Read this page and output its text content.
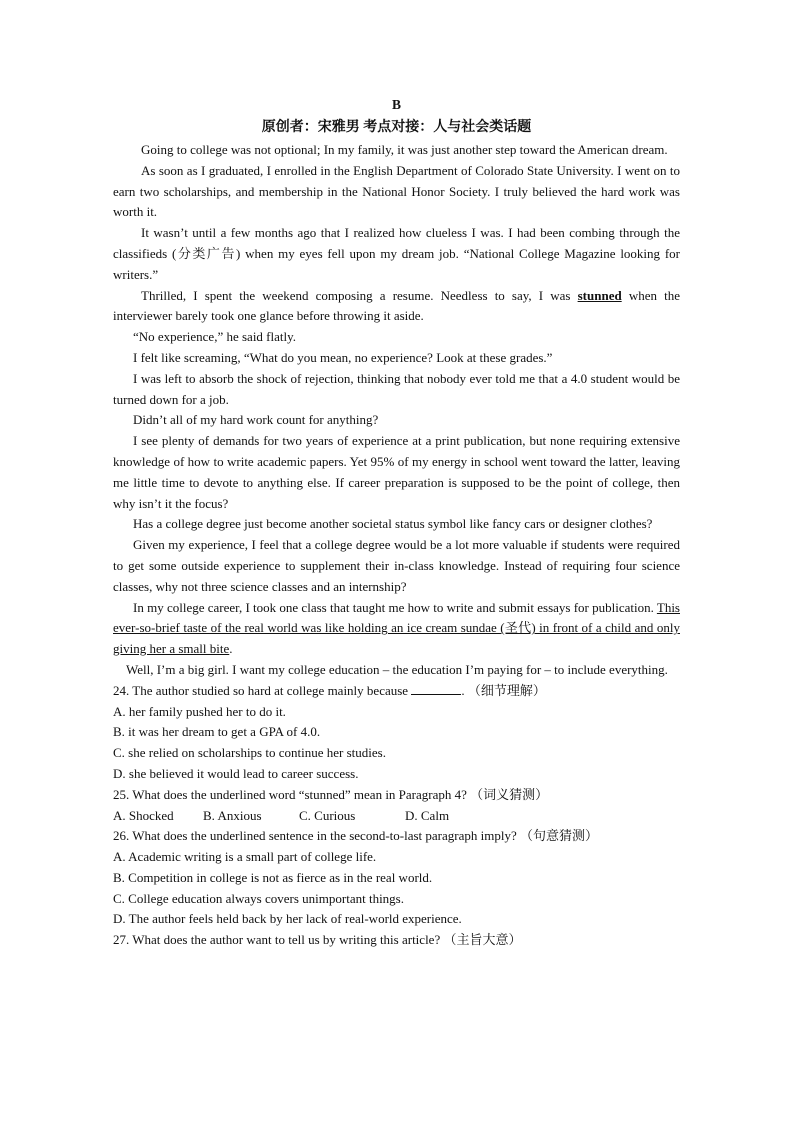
B
原创者：宋雅男 考点对接：人与社会类话题

Going to college was not optional; In my family, it was just another step toward the American dream.

As soon as I graduated, I enrolled in the English Department of Colorado State University. I went on to earn two scholarships, and membership in the National Honor Society. I truly believed the hard work was worth it.

It wasn’t until a few months ago that I realized how clueless I was. I had been combing through the classifieds (分类广告) when my eyes fell upon my dream job. “National College Magazine looking for writers.”

Thrilled, I spent the weekend composing a resume. Needless to say, I was stunned when the interviewer barely took one glance before throwing it aside.

“No experience,” he said flatly.

I felt like screaming, “What do you mean, no experience? Look at these grades.”

I was left to absorb the shock of rejection, thinking that nobody ever told me that a 4.0 student would be turned down for a job.

Didn’t all of my hard work count for anything?

I see plenty of demands for two years of experience at a print publication, but none requiring extensive knowledge of how to write academic papers. Yet 95% of my energy in school went toward the latter, leaving me little time to devote to anything else. If career preparation is supposed to be the point of college, then why isn’t it the focus?

Has a college degree just become another societal status symbol like fancy cars or designer clothes?

Given my experience, I feel that a college degree would be a lot more valuable if students were required to get some outside experience to supplement their in-class knowledge. Instead of requiring four science classes, why not three science classes and an internship?

In my college career, I took one class that taught me how to write and submit essays for publication. This ever-so-brief taste of the real world was like holding an ice cream sundae (圣代) in front of a child and only giving her a small bite.

Well, I’m a big girl. I want my college education – the education I’m paying for – to include everything.

24. The author studied so hard at college mainly because	. （细节理解）

A. her family pushed her to do it.

B. it was her dream to get a GPA of 4.0.

C. she relied on scholarships to continue her studies.

D. she believed it would lead to career success.

25. What does the underlined word “stunned” mean in Paragraph 4? （词义猜测）

A. Shocked	B. Anxious	C. Curious	D. Calm

26. What does the underlined sentence in the second-to-last paragraph imply? （句意猜测）

A. Academic writing is a small part of college life.

B. Competition in college is not as fierce as in the real world.

C. College education always covers unimportant things.

D. The author feels held back by her lack of real-world experience.

27. What does the author want to tell us by writing this article? （主旨大意）
